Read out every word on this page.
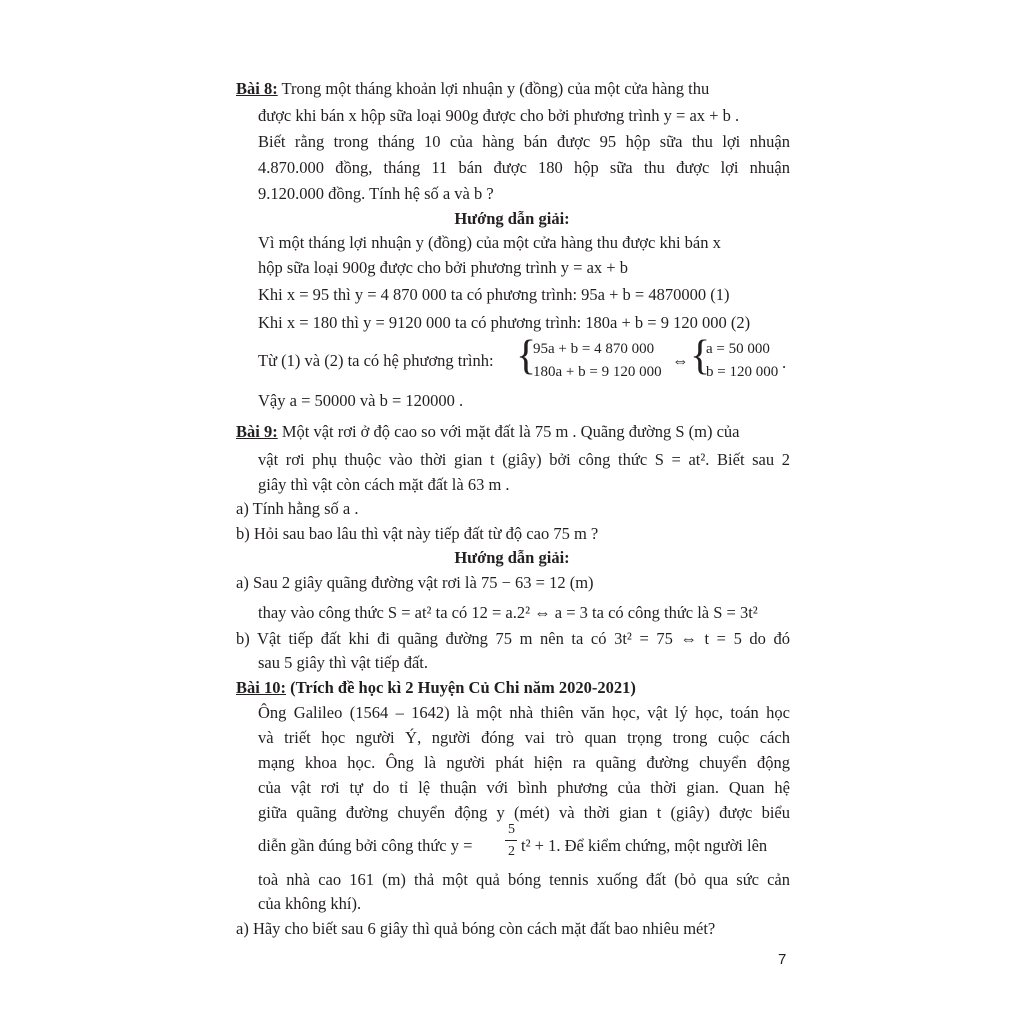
Bài 8: Trong một tháng khoản lợi nhuận y (đồng) của một cửa hàng thu
được khi bán x hộp sữa loại 900g được cho bởi phương trình y = ax + b .
Biết rằng trong tháng 10 của hàng bán được 95 hộp sữa thu lợi nhuận
4.870.000 đồng, tháng 11 bán được 180 hộp sữa thu được lợi nhuận
9.120.000 đồng. Tính hệ số a và b ?
Hướng dẫn giải:
Vì một tháng lợi nhuận y (đồng) của một cửa hàng thu được khi bán x
hộp sữa loại 900g được cho bởi phương trình y = ax + b
Khi x = 95 thì y = 4 870 000 ta có phương trình: 95a + b = 4870000 (1)
Khi x = 180 thì y = 9120 000 ta có phương trình: 180a + b = 9 120 000 (2)
Từ (1) và (2) ta có hệ phương trình: {
95a + b = 4 870 000
180a + b = 9 120 000
⇔ {
a = 50 000
b = 120 000 .
Vậy a = 50000 và b = 120000 .
Bài 9: Một vật rơi ở độ cao so với mặt đất là 75 m . Quãng đường S (m) của
vật rơi phụ thuộc vào thời gian t (giây) bởi công thức S = at². Biết sau 2
giây thì vật còn cách mặt đất là 63 m .
a) Tính hằng số a .
b) Hỏi sau bao lâu thì vật này tiếp đất từ độ cao 75 m ?
Hướng dẫn giải:
a) Sau 2 giây quãng đường vật rơi là 75 − 63 = 12 (m)
thay vào công thức S = at² ta có 12 = a.2² ⇔ a = 3 ta có công thức là S = 3t²
b) Vật tiếp đất khi đi quãng đường 75 m nên ta có 3t² = 75 ⇔ t = 5 do đó
sau 5 giây thì vật tiếp đất.
Bài 10: (Trích đề học kì 2 Huyện Củ Chi năm 2020-2021)
Ông Galileo (1564 – 1642) là một nhà thiên văn học, vật lý học, toán học
và triết học người Ý, người đóng vai trò quan trọng trong cuộc cách
mạng khoa học. Ông là người phát hiện ra quãng đường chuyển động
của vật rơi tự do tỉ lệ thuận với bình phương của thời gian. Quan hệ
giữa quãng đường chuyển động y (mét) và thời gian t (giây) được biểu
diễn gần đúng bởi công thức y =
5
2 t² + 1. Để kiểm chứng, một người lên
toà nhà cao 161 (m) thả một quả bóng tennis xuống đất (bỏ qua sức cản
của không khí).
a) Hãy cho biết sau 6 giây thì quả bóng còn cách mặt đất bao nhiêu mét?
7
